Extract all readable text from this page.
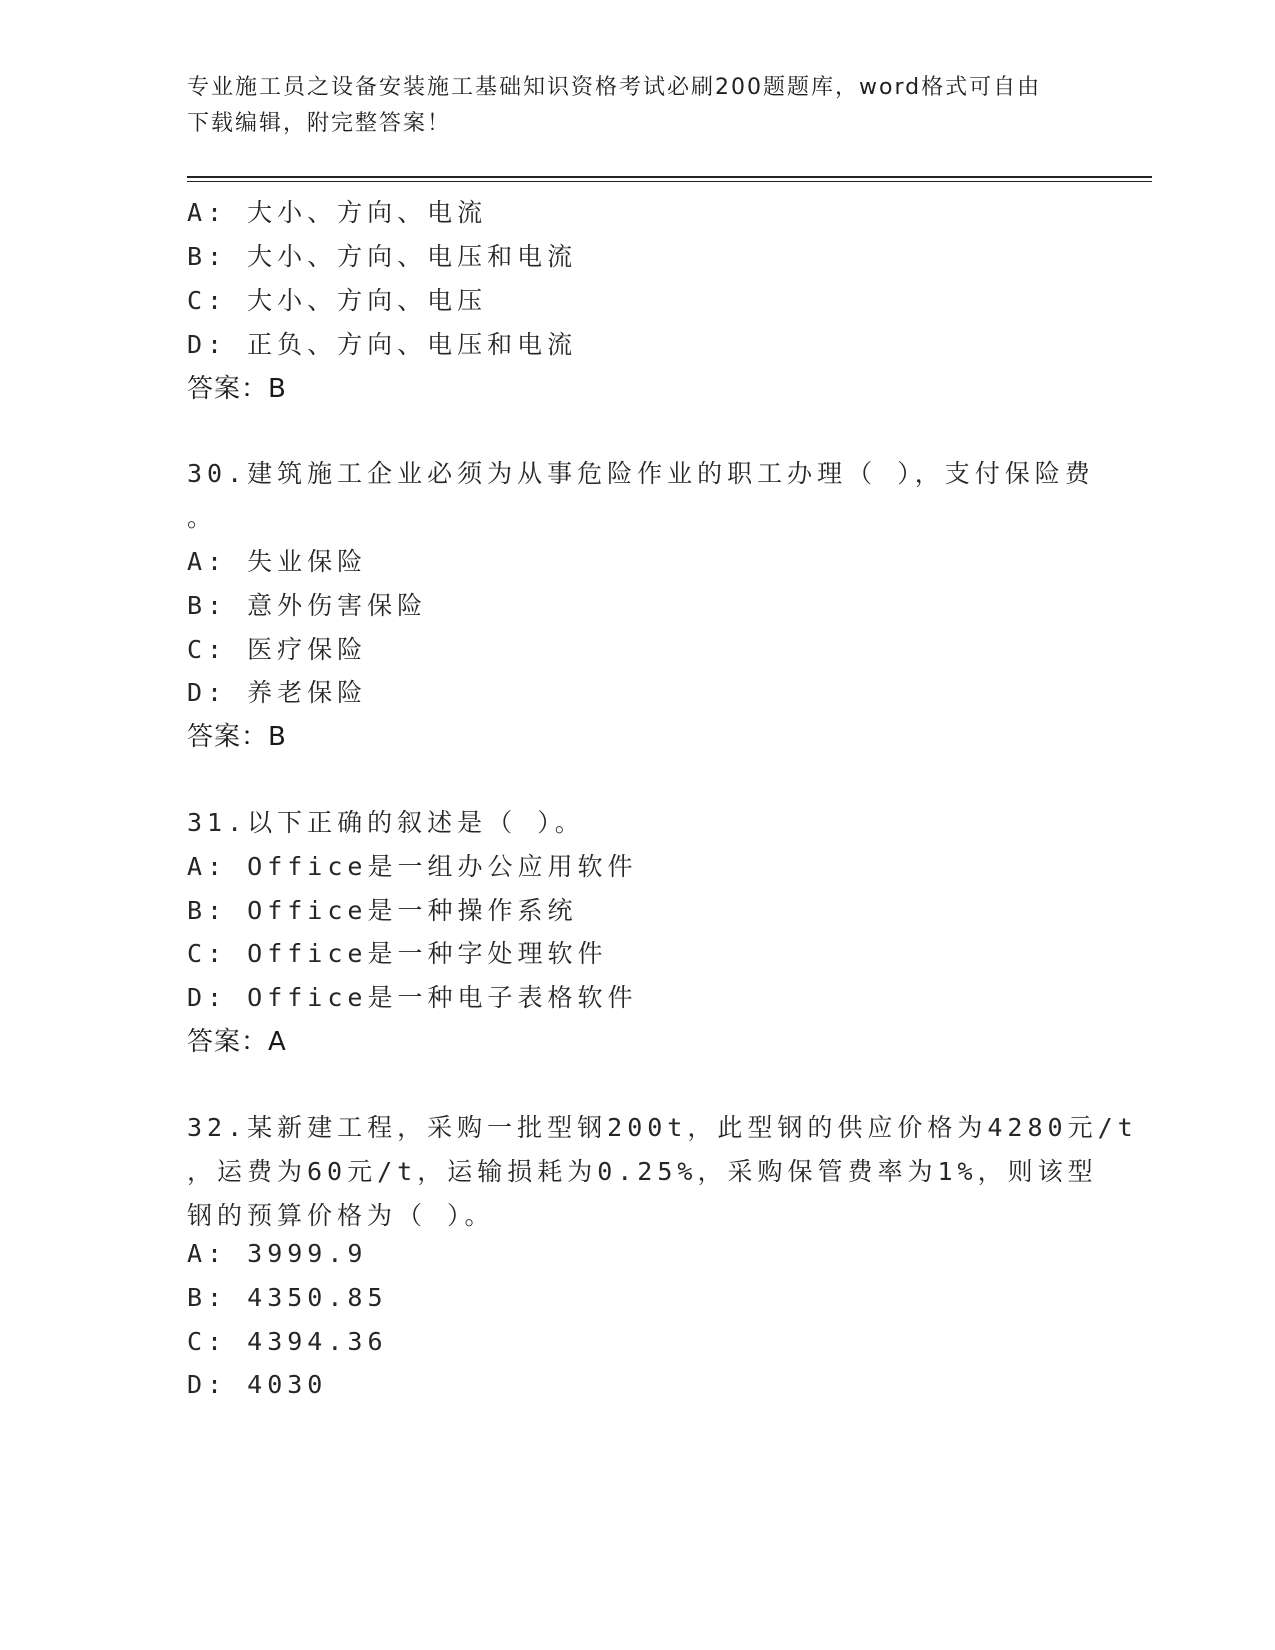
专业施工员之设备安装施工基础知识资格考试必刷200题题库，word格式可自由
下载编辑，附完整答案！
A: 大小、方向、电流
B: 大小、方向、电压和电流
C: 大小、方向、电压
D: 正负、方向、电压和电流
答案：B
30.建筑施工企业必须为从事危险作业的职工办理（ ），支付保险费
。
A: 失业保险
B: 意外伤害保险
C: 医疗保险
D: 养老保险
答案：B
31.以下正确的叙述是（ ）。
A: Office是一组办公应用软件
B: Office是一种操作系统
C: Office是一种字处理软件
D: Office是一种电子表格软件
答案：A
32.某新建工程，采购一批型钢200t，此型钢的供应价格为4280元/t
，运费为60元/t，运输损耗为0.25%，采购保管费率为1%，则该型
钢的预算价格为（ ）。
A: 3999.9
B: 4350.85
C: 4394.36
D: 4030
